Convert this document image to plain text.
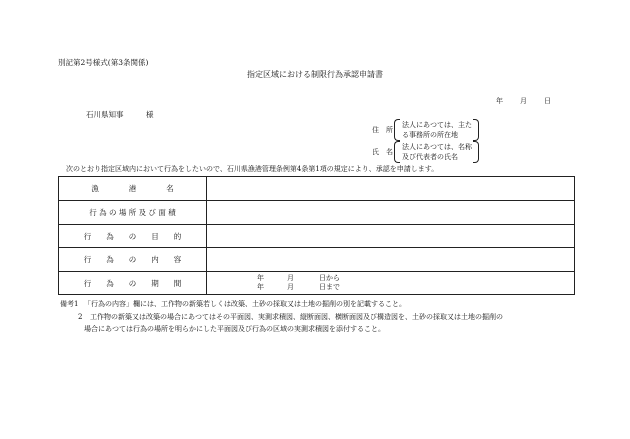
別記第2号様式(第3条関係)
指定区域における制限行為承認申請書
年 月 日
石川県知事	様
住　所
法人にあつては、主た
る事務所の所在地
氏　名
法人にあつては、名称
及び代表者の氏名
次のとおり指定区域内において行為をしたいので、石川県漁港管理条例第4条第1項の規定により、承認を申請します。
漁　　　　港　　　　名
行 為 の 場 所 及 び 面 積
行　　為　　の　　目　　的
行　　為　　の　　内　　容
行　　為　　の　　期　　間
年	月	日から
年	月	日まで
備考1 「行為の内容」欄には、工作物の新築若しくは改築、土砂の採取又は土地の掘削の別を記載すること。
2 工作物の新築又は改築の場合にあつてはその平面図、実測求積図、縦断面図、横断面図及び構造図を、土砂の採取又は土地の掘削の
場合にあつては行為の場所を明らかにした平面図及び行為の区域の実測求積図を添付すること。
